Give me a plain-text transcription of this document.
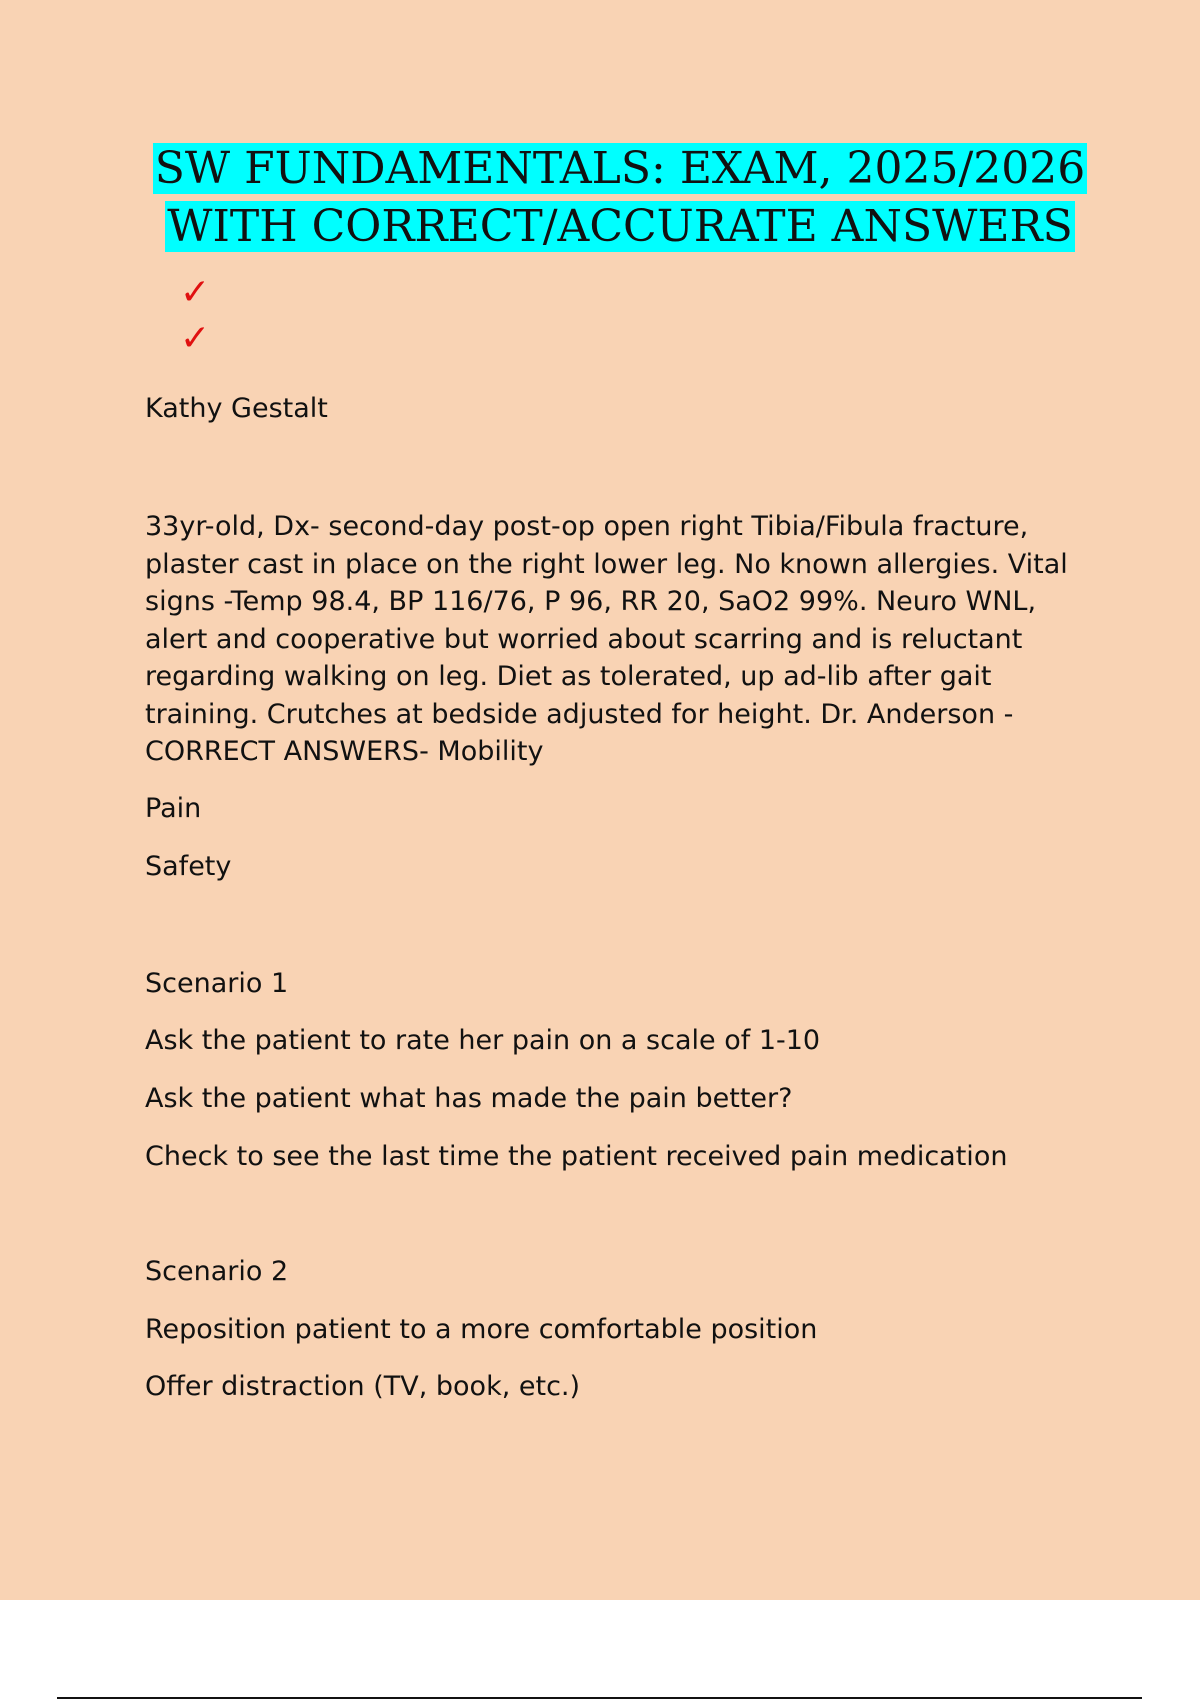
SW FUNDAMENTALS: EXAM, 2025/2026
WITH CORRECT/ACCURATE ANSWERS
✓
✓
Kathy Gestalt
33yr-old, Dx- second-day post-op open right Tibia/Fibula fracture, plaster cast in place on the right lower leg. No known allergies. Vital signs -Temp 98.4, BP 116/76, P 96, RR 20, SaO2 99%. Neuro WNL, alert and cooperative but worried about scarring and is reluctant regarding walking on leg. Diet as tolerated, up ad-lib after gait training. Crutches at bedside adjusted for height. Dr. Anderson - CORRECT ANSWERS- Mobility
Pain
Safety
Scenario 1
Ask the patient to rate her pain on a scale of 1-10
Ask the patient what has made the pain better?
Check to see the last time the patient received pain medication
Scenario 2
Reposition patient to a more comfortable position
Offer distraction (TV, book, etc.)
